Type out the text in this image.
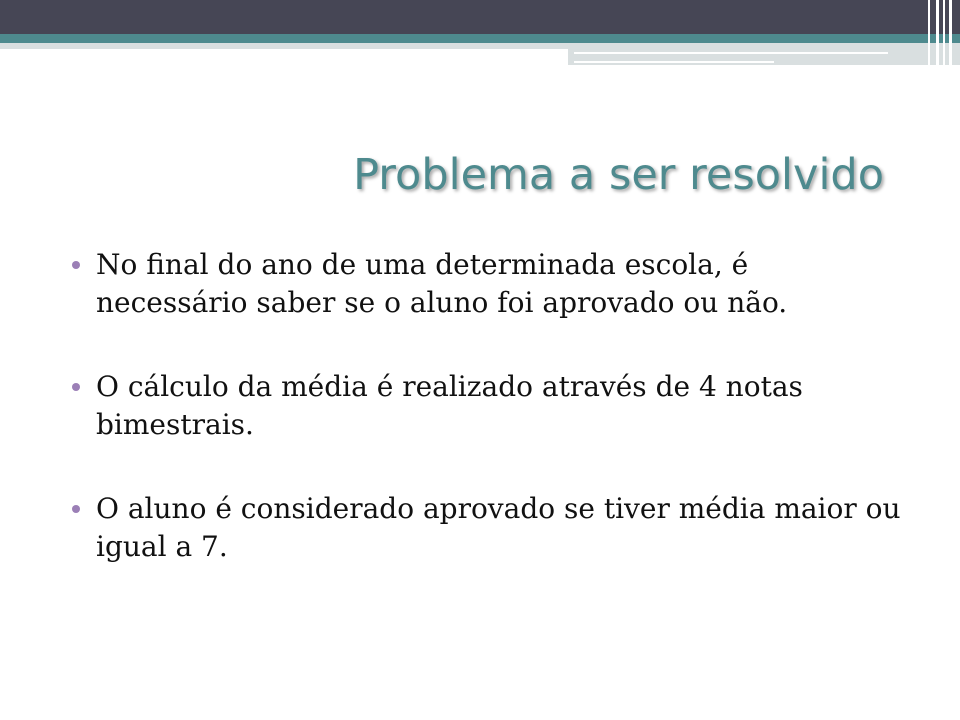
Problema a ser resolvido
No final do ano de uma determinada escola, é necessário saber se o aluno foi aprovado ou não.
O cálculo da média é realizado através de 4 notas bimestrais.
O aluno é considerado aprovado se tiver média maior ou igual a 7.
